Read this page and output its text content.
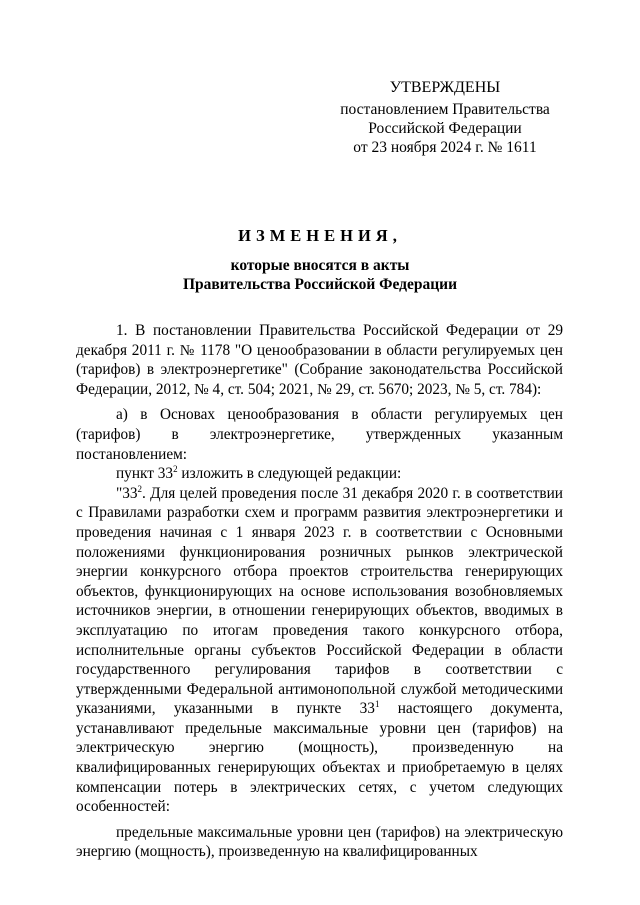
УТВЕРЖДЕНЫ
постановлением Правительства
Российской Федерации
от 23 ноября 2024 г. № 1611
ИЗМЕНЕНИЯ,
которые вносятся в акты
Правительства Российской Федерации

1. В постановлении Правительства Российской Федерации от 29 декабря 2011 г. № 1178 "О ценообразовании в области регулируемых цен (тарифов) в электроэнергетике" (Собрание законодательства Российской Федерации, 2012, № 4, ст. 504; 2021, № 29, ст. 5670; 2023, № 5, ст. 784):

а) в Основах ценообразования в области регулируемых цен (тарифов) в электроэнергетике, утвержденных указанным постановлением:

пункт $33^2$ изложить в следующей редакции:

"$33^2$. Для целей проведения после 31 декабря 2020 г. в соответствии с Правилами разработки схем и программ развития электроэнергетики и проведения начиная с 1 января 2023 г. в соответствии с Основными положениями функционирования розничных рынков электрической энергии конкурсного отбора проектов строительства генерирующих объектов, функционирующих на основе использования возобновляемых источников энергии, в отношении генерирующих объектов, вводимых в эксплуатацию по итогам проведения такого конкурсного отбора, исполнительные органы субъектов Российской Федерации в области государственного регулирования тарифов в соответствии с утвержденными Федеральной антимонопольной службой методическими указаниями, указанными в пункте $33^1$ настоящего документа, устанавливают предельные максимальные уровни цен (тарифов) на электрическую энергию (мощность), произведенную на квалифицированных генерирующих объектах и приобретаемую в целях компенсации потерь в электрических сетях, с учетом следующих особенностей:

предельные максимальные уровни цен (тарифов) на электрическую энергию (мощность), произведенную на квалифицированных
